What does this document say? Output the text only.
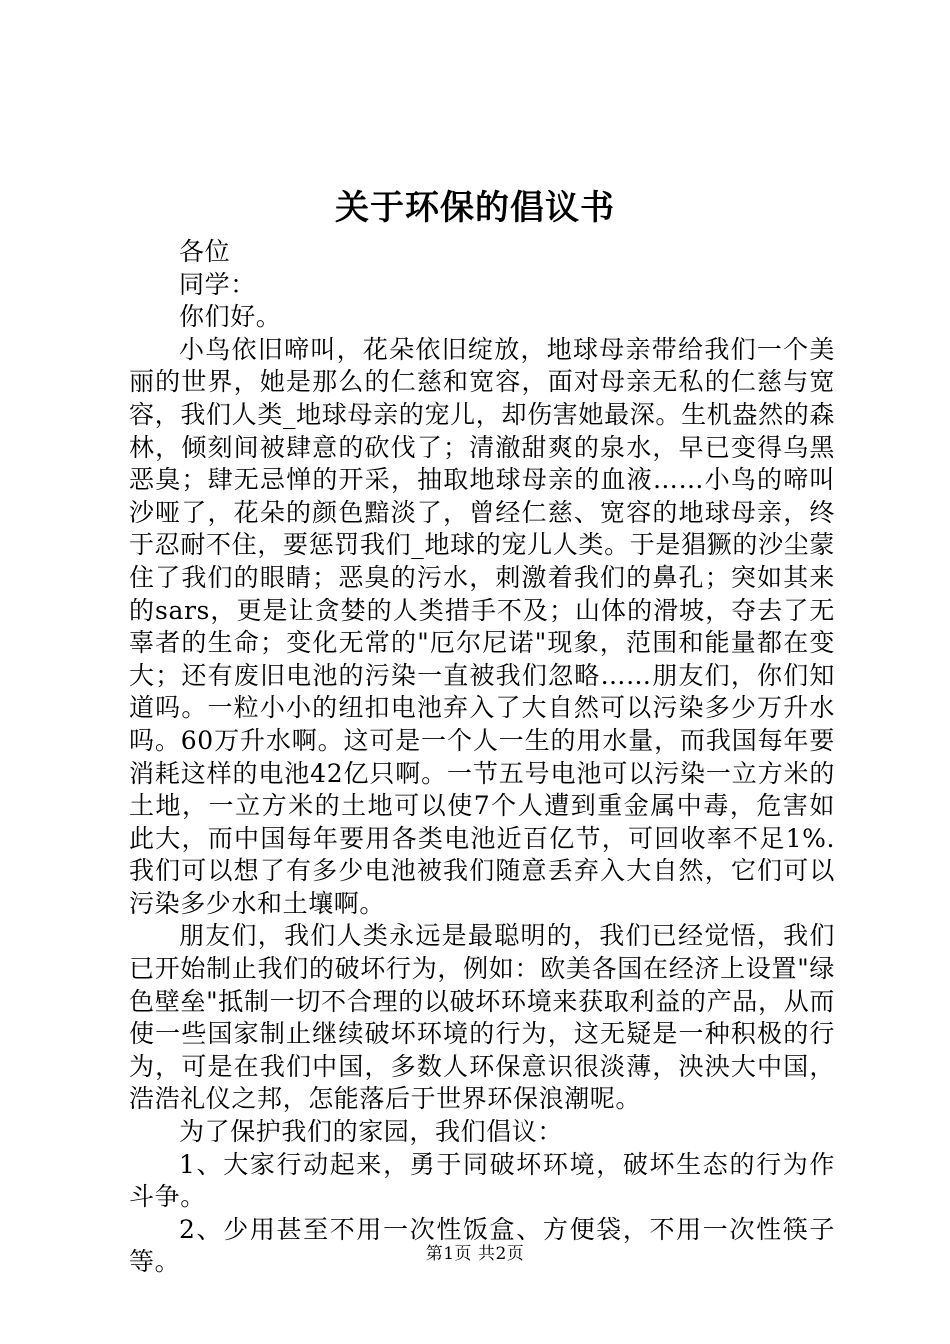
关于环保的倡议书

各位

同学：

你们好。

小鸟依旧啼叫，花朵依旧绽放，地球母亲带给我们一个美丽的世界，她是那么的仁慈和宽容，面对母亲无私的仁慈与宽容，我们人类_地球母亲的宠儿，却伤害她最深。生机盎然的森林，倾刻间被肆意的砍伐了；清澈甜爽的泉水，早已变得乌黑恶臭；肆无忌惮的开采，抽取地球母亲的血液……小鸟的啼叫沙哑了，花朵的颜色黯淡了，曾经仁慈、宽容的地球母亲，终于忍耐不住，要惩罚我们_地球的宠儿人类。于是猖獗的沙尘蒙住了我们的眼睛；恶臭的污水，刺激着我们的鼻孔；突如其来的sars，更是让贪婪的人类措手不及；山体的滑坡，夺去了无辜者的生命；变化无常的"厄尔尼诺"现象，范围和能量都在变大；还有废旧电池的污染一直被我们忽略……朋友们，你们知道吗。一粒小小的纽扣电池弃入了大自然可以污染多少万升水吗。60万升水啊。这可是一个人一生的用水量，而我国每年要消耗这样的电池42亿只啊。一节五号电池可以污染一立方米的土地，一立方米的土地可以使7个人遭到重金属中毒，危害如此大，而中国每年要用各类电池近百亿节，可回收率不足1%.我们可以想了有多少电池被我们随意丢弃入大自然，它们可以污染多少水和土壤啊。

朋友们，我们人类永远是最聪明的，我们已经觉悟，我们已开始制止我们的破坏行为，例如：欧美各国在经济上设置"绿色壁垒"抵制一切不合理的以破坏环境来获取利益的产品，从而使一些国家制止继续破坏环境的行为，这无疑是一种积极的行为，可是在我们中国，多数人环保意识很淡薄，泱泱大中国，浩浩礼仪之邦，怎能落后于世界环保浪潮呢。

为了保护我们的家园，我们倡议：

1、大家行动起来，勇于同破坏环境，破坏生态的行为作斗争。

2、少用甚至不用一次性饭盒、方便袋，不用一次性筷子等。	第1页 共2页
